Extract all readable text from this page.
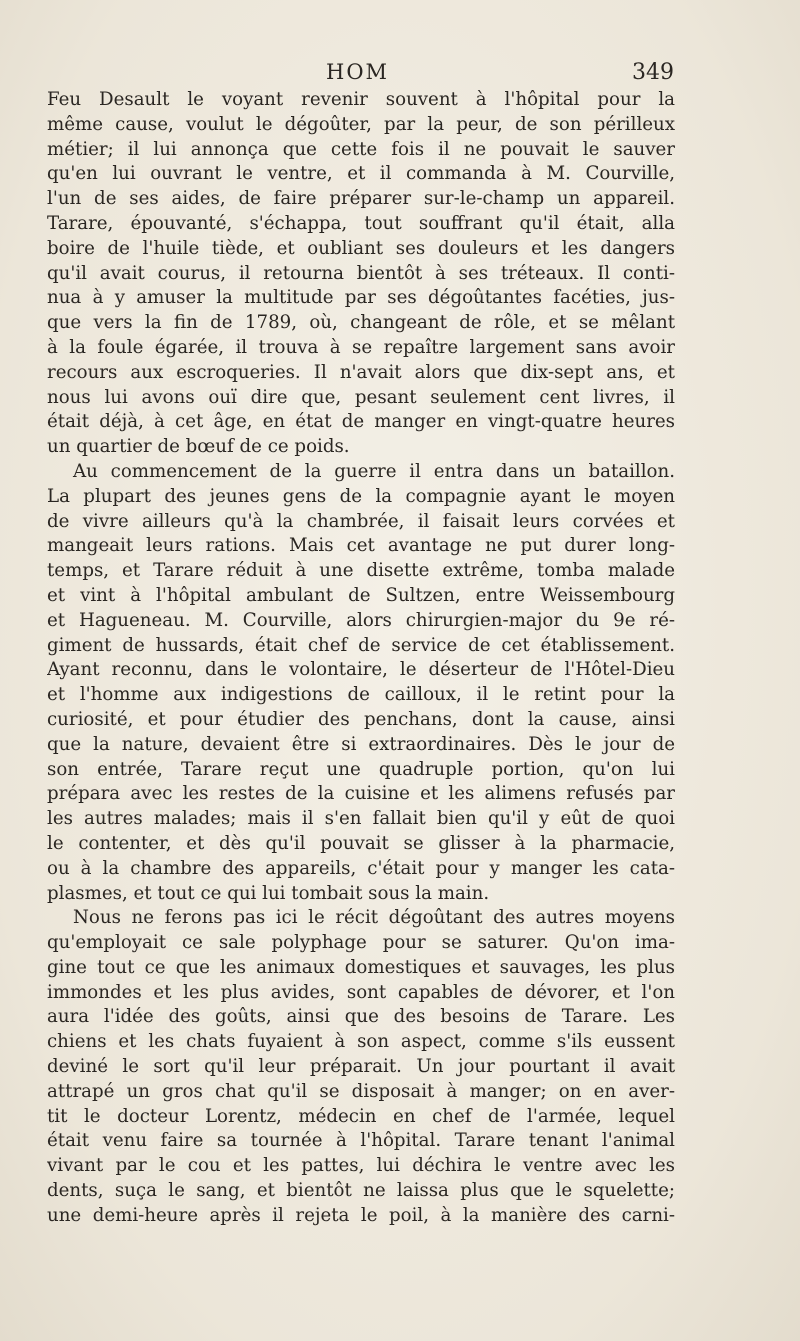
HOM	349
Feu Desault le voyant revenir souvent à l'hôpital pour la
même cause, voulut le dégoûter, par la peur, de son périlleux
métier; il lui annonça que cette fois il ne pouvait le sauver
qu'en lui ouvrant le ventre, et il commanda à M. Courville,
l'un de ses aides, de faire préparer sur-le-champ un appareil.
Tarare, épouvanté, s'échappa, tout souffrant qu'il était, alla
boire de l'huile tiède, et oubliant ses douleurs et les dangers
qu'il avait courus, il retourna bientôt à ses tréteaux. Il conti-
nua à y amuser la multitude par ses dégoûtantes facéties, jus-
que vers la fin de 1789, où, changeant de rôle, et se mêlant
à la foule égarée, il trouva à se repaître largement sans avoir
recours aux escroqueries. Il n'avait alors que dix-sept ans, et
nous lui avons ouï dire que, pesant seulement cent livres, il
était déjà, à cet âge, en état de manger en vingt-quatre heures
un quartier de bœuf de ce poids.
Au commencement de la guerre il entra dans un bataillon.
La plupart des jeunes gens de la compagnie ayant le moyen
de vivre ailleurs qu'à la chambrée, il faisait leurs corvées et
mangeait leurs rations. Mais cet avantage ne put durer long-
temps, et Tarare réduit à une disette extrême, tomba malade
et vint à l'hôpital ambulant de Sultzen, entre Weissembourg
et Hagueneau. M. Courville, alors chirurgien-major du 9e ré-
giment de hussards, était chef de service de cet établissement.
Ayant reconnu, dans le volontaire, le déserteur de l'Hôtel-Dieu
et l'homme aux indigestions de cailloux, il le retint pour la
curiosité, et pour étudier des penchans, dont la cause, ainsi
que la nature, devaient être si extraordinaires. Dès le jour de
son entrée, Tarare reçut une quadruple portion, qu'on lui
prépara avec les restes de la cuisine et les alimens refusés par
les autres malades; mais il s'en fallait bien qu'il y eût de quoi
le contenter, et dès qu'il pouvait se glisser à la pharmacie,
ou à la chambre des appareils, c'était pour y manger les cata-
plasmes, et tout ce qui lui tombait sous la main.
Nous ne ferons pas ici le récit dégoûtant des autres moyens
qu'employait ce sale polyphage pour se saturer. Qu'on ima-
gine tout ce que les animaux domestiques et sauvages, les plus
immondes et les plus avides, sont capables de dévorer, et l'on
aura l'idée des goûts, ainsi que des besoins de Tarare. Les
chiens et les chats fuyaient à son aspect, comme s'ils eussent
deviné le sort qu'il leur préparait. Un jour pourtant il avait
attrapé un gros chat qu'il se disposait à manger; on en aver-
tit le docteur Lorentz, médecin en chef de l'armée, lequel
était venu faire sa tournée à l'hôpital. Tarare tenant l'animal
vivant par le cou et les pattes, lui déchira le ventre avec les
dents, suça le sang, et bientôt ne laissa plus que le squelette;
une demi-heure après il rejeta le poil, à la manière des carni-
